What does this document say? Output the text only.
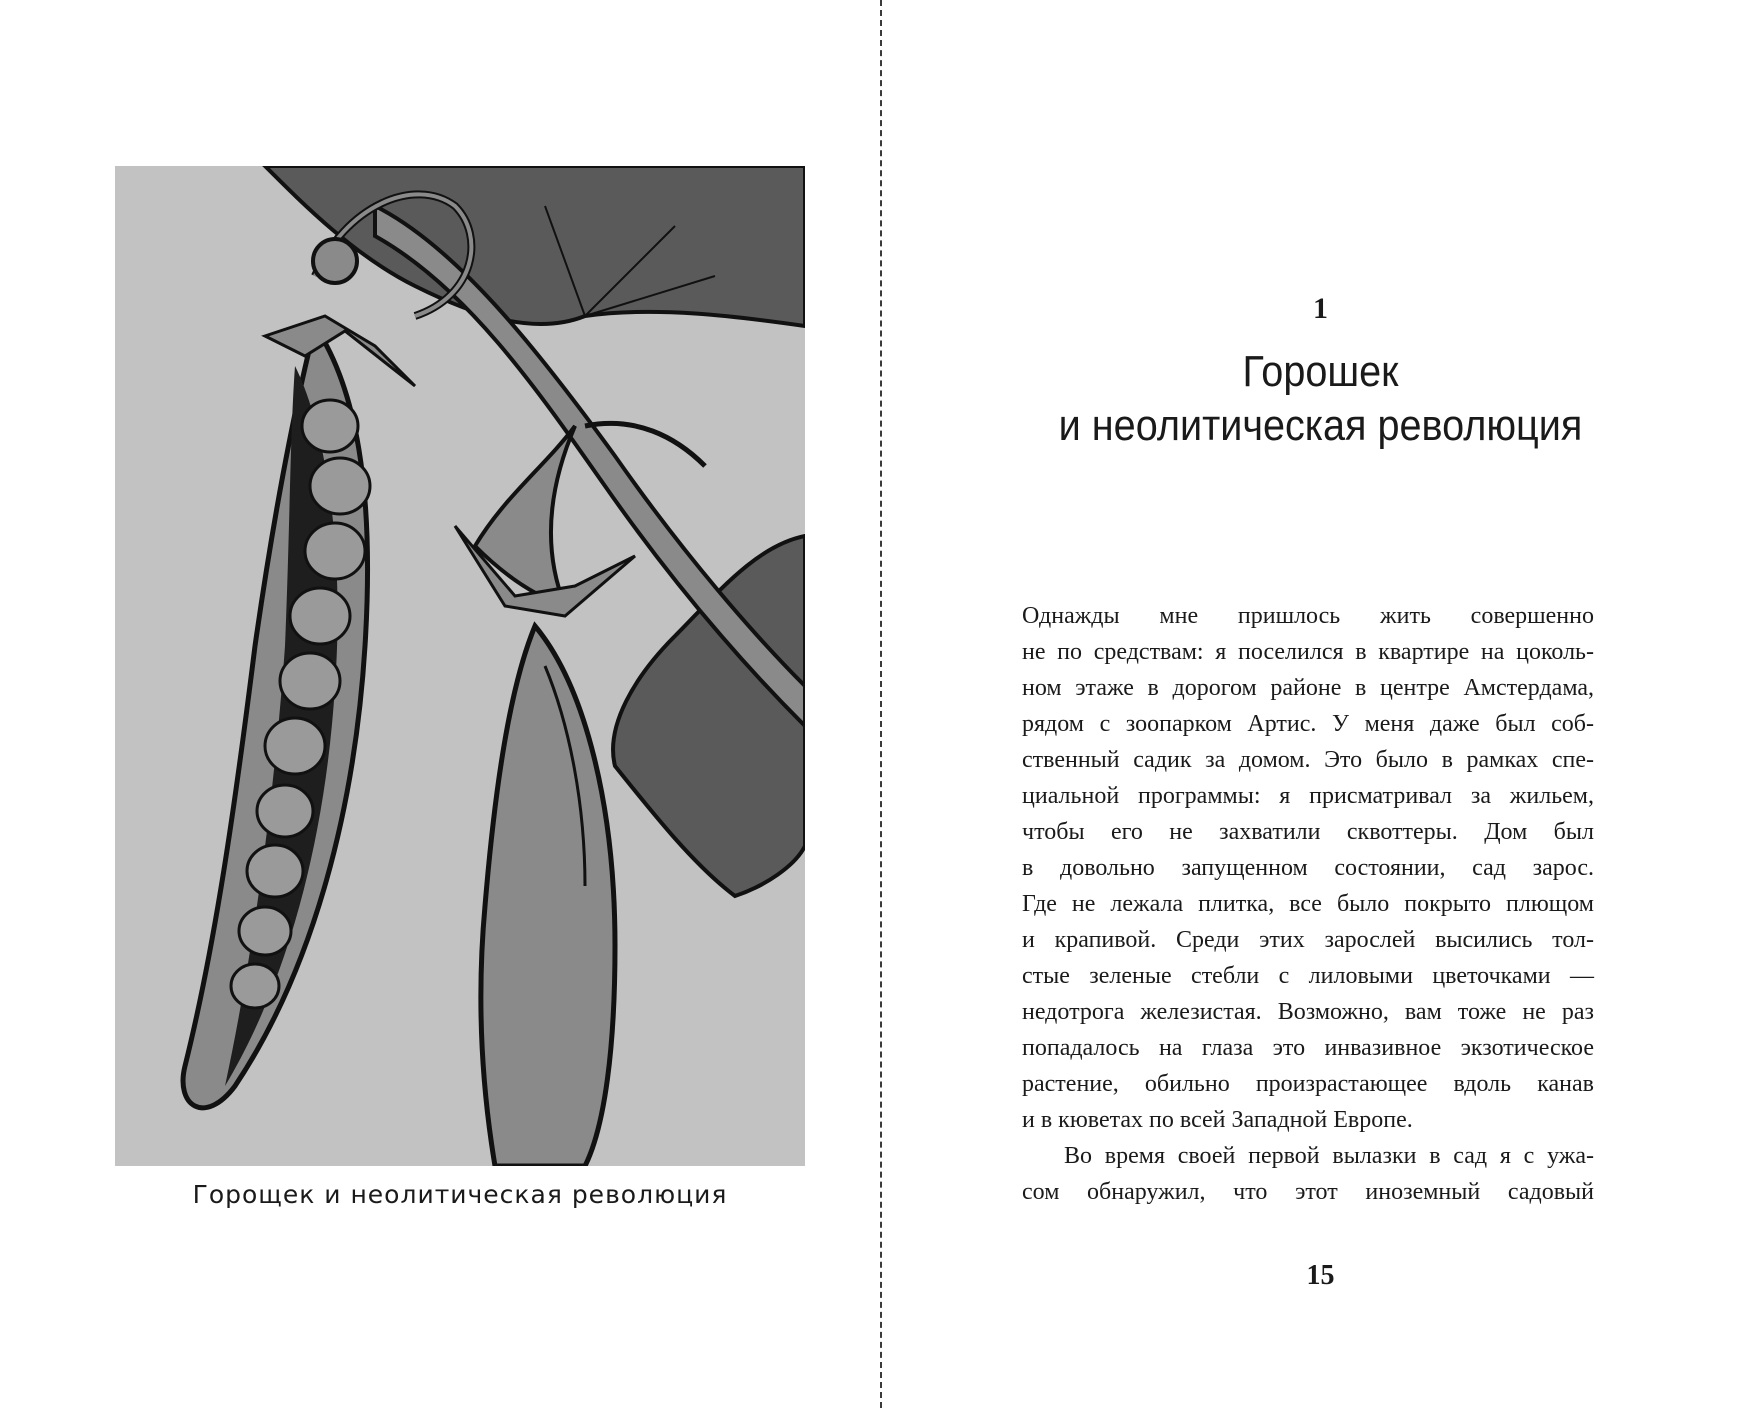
Горощек и неолитическая революция
1
Горошек
и неолитическая революция

Однажды мне пришлось жить совершенно

не по средствам: я поселился в квартире на цоколь-

ном этаже в дорогом районе в центре Амстердама,

рядом с зоопарком Артис. У меня даже был соб-

ственный садик за домом. Это было в рамках спе-

циальной программы: я присматривал за жильем,

чтобы его не захватили сквоттеры. Дом был

в довольно запущенном состоянии, сад зарос.

Где не лежала плитка, все было покрыто плющом

и крапивой. Среди этих зарослей высились тол-

стые зеленые стебли с лиловыми цветочками —

недотрога железистая. Возможно, вам тоже не раз

попадалось на глаза это инвазивное экзотическое

растение, обильно произрастающее вдоль канав

и в кюветах по всей Западной Европе.

Во время своей первой вылазки в сад я с ужа-

сом обнаружил, что этот иноземный садовый

15
